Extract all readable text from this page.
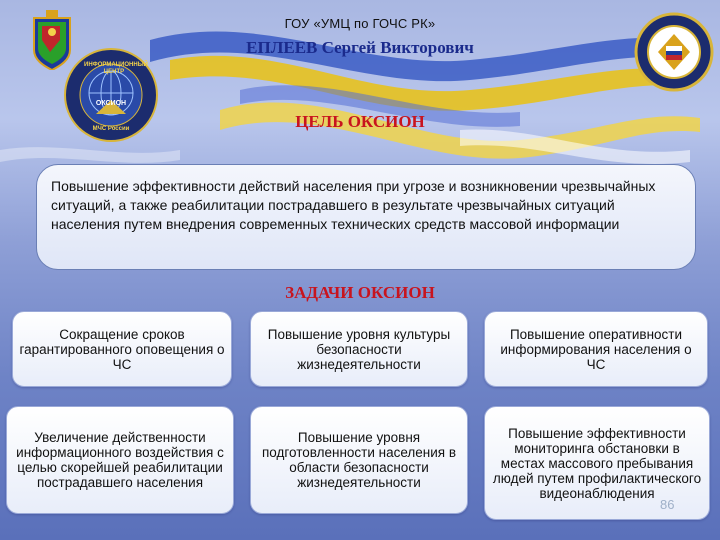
ИНФОРМАЦИОННЫЙ ЦЕНТР
ОКСИОН
МЧС России
ГОУ «УМЦ по ГОЧС РК»
ЕПЛЕЕВ Сергей Викторович
ЦЕЛЬ ОКСИОН
Повышение эффективности действий населения при угрозе и возникновении чрезвычайных ситуаций, а также реабилитации пострадавшего в результате чрезвычайных ситуаций населения путем внедрения современных технических средств массовой информации
ЗАДАЧИ ОКСИОН
Сокращение сроков гарантированного оповещения о ЧС
Повышение уровня культуры безопасности жизнедеятельности
Повышение оперативности информирования населения о ЧС
Увеличение действенности информационного воздействия с целью скорейшей реабилитации пострадавшего населения
Повышение уровня подготовленности населения в области безопасности жизнедеятельности
Повышение эффективности мониторинга обстановки в местах массового пребывания людей путем профилактического видеонаблюдения
86
